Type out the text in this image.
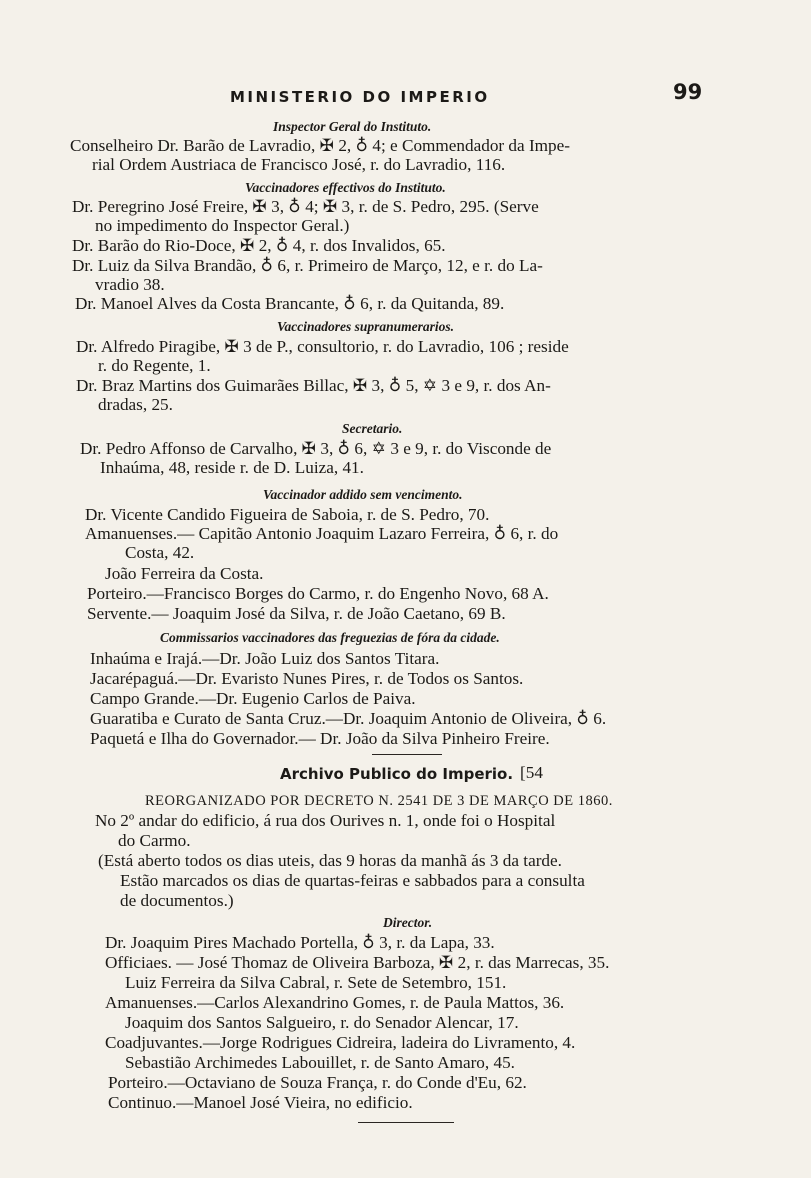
MINISTERIO DO IMPERIO	99
Inspector Geral do Instituto.
Conselheiro Dr. Barão de Lavradio, ✠ 2, ♁ 4; e Commendador da Impe-
rial Ordem Austriaca de Francisco José, r. do Lavradio, 116.
Vaccinadores effectivos do Instituto.
Dr. Peregrino José Freire, ✠ 3, ♁ 4; ✠ 3, r. de S. Pedro, 295. (Serve
no impedimento do Inspector Geral.)
Dr. Barão do Rio-Doce, ✠ 2, ♁ 4, r. dos Invalidos, 65.
Dr. Luiz da Silva Brandão, ♁ 6, r. Primeiro de Março, 12, e r. do La-
vradio 38.
Dr. Manoel Alves da Costa Brancante, ♁ 6, r. da Quitanda, 89.
Vaccinadores supranumerarios.
Dr. Alfredo Piragibe, ✠ 3 de P., consultorio, r. do Lavradio, 106 ; reside
r. do Regente, 1.
Dr. Braz Martins dos Guimarães Billac, ✠ 3, ♁ 5, ✡ 3 e 9, r. dos An-
dradas, 25.
Secretario.
Dr. Pedro Affonso de Carvalho, ✠ 3, ♁ 6, ✡ 3 e 9, r. do Visconde de
Inhaúma, 48, reside r. de D. Luiza, 41.
Vaccinador addido sem vencimento.
Dr. Vicente Candido Figueira de Saboia, r. de S. Pedro, 70.
Amanuenses.— Capitão Antonio Joaquim Lazaro Ferreira, ♁ 6, r. do
Costa, 42.
João Ferreira da Costa.
Porteiro.—Francisco Borges do Carmo, r. do Engenho Novo, 68 A.
Servente.— Joaquim José da Silva, r. de João Caetano, 69 B.
Commissarios vaccinadores das freguezias de fóra da cidade.
Inhaúma e Irajá.—Dr. João Luiz dos Santos Titara.
Jacarépaguá.—Dr. Evaristo Nunes Pires, r. de Todos os Santos.
Campo Grande.—Dr. Eugenio Carlos de Paiva.
Guaratiba e Curato de Santa Cruz.—Dr. Joaquim Antonio de Oliveira, ♁ 6.
Paquetá e Ilha do Governador.— Dr. João da Silva Pinheiro Freire.
Archivo Publico do Imperio. [54
REORGANIZADO POR DECRETO N. 2541 DE 3 DE MARÇO DE 1860.
No 2º andar do edificio, á rua dos Ourives n. 1, onde foi o Hospital
do Carmo.
(Está aberto todos os dias uteis, das 9 horas da manhã ás 3 da tarde.
Estão marcados os dias de quartas-feiras e sabbados para a consulta
de documentos.)
Director.
Dr. Joaquim Pires Machado Portella, ♁ 3, r. da Lapa, 33.
Officiaes. — José Thomaz de Oliveira Barboza, ✠ 2, r. das Marrecas, 35.
Luiz Ferreira da Silva Cabral, r. Sete de Setembro, 151.
Amanuenses.—Carlos Alexandrino Gomes, r. de Paula Mattos, 36.
Joaquim dos Santos Salgueiro, r. do Senador Alencar, 17.
Coadjuvantes.—Jorge Rodrigues Cidreira, ladeira do Livramento, 4.
Sebastião Archimedes Labouillet, r. de Santo Amaro, 45.
Porteiro.—Octaviano de Souza França, r. do Conde d'Eu, 62.
Continuo.—Manoel José Vieira, no edificio.
